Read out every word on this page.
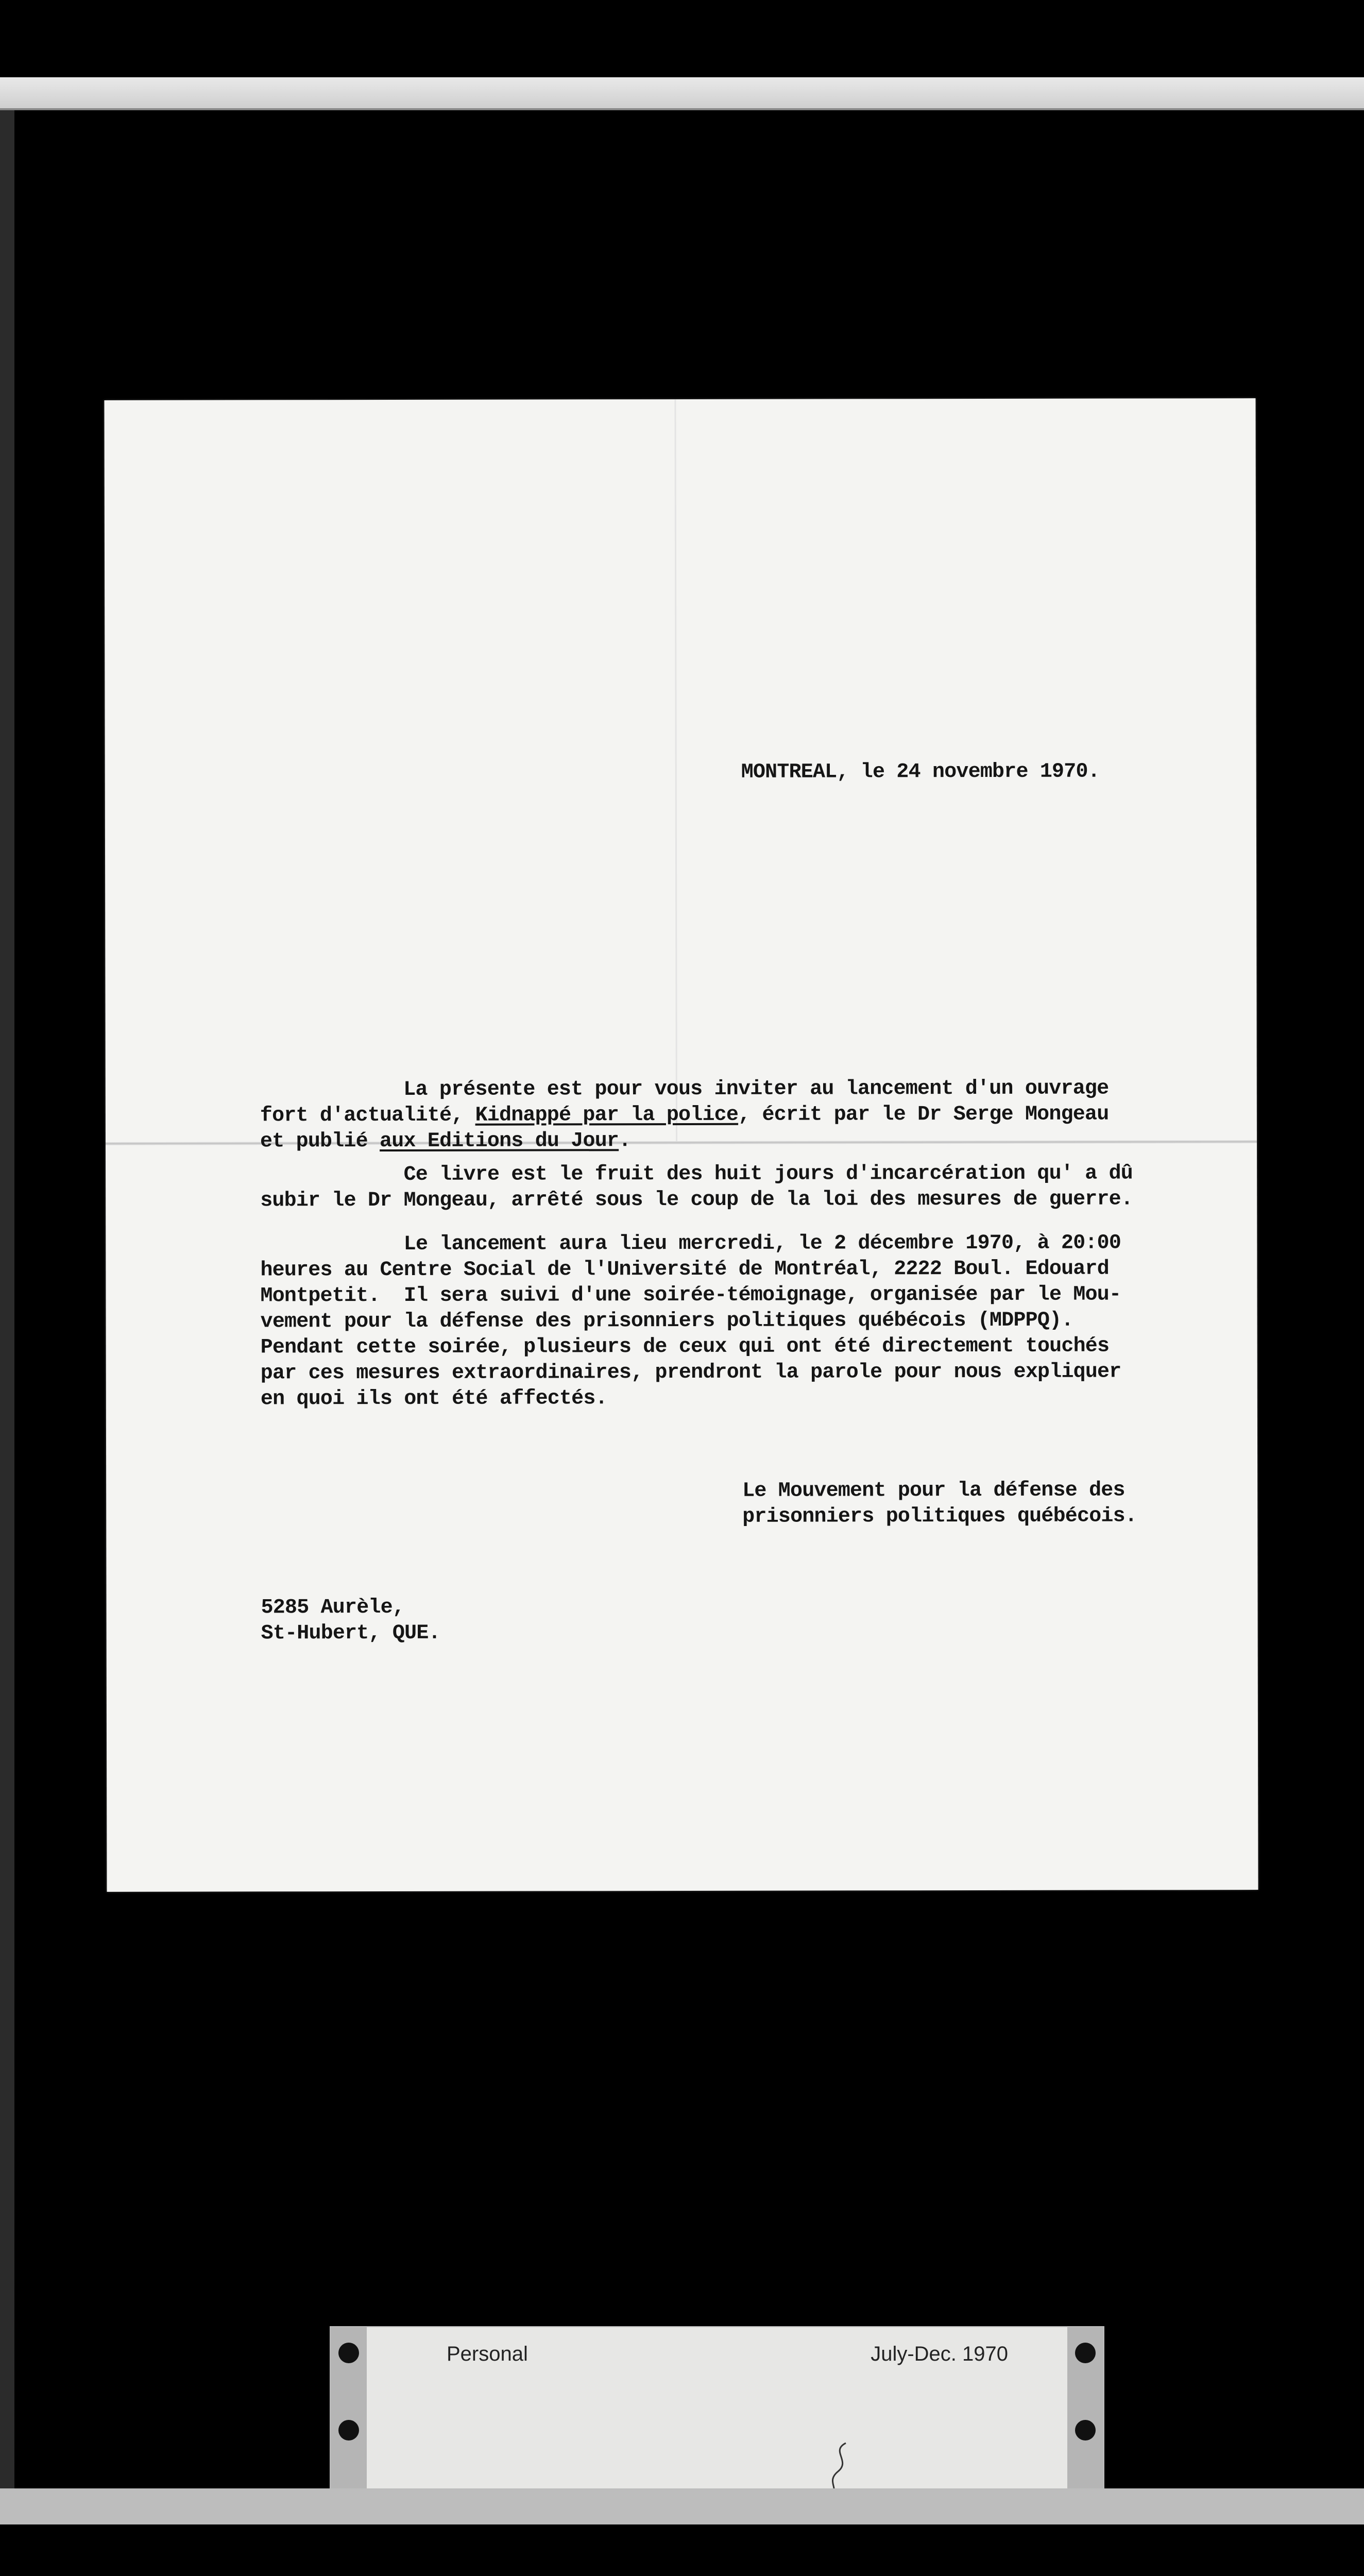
MONTREAL, le 24 novembre 1970.
La présente est pour vous inviter au lancement d'un ouvrage
fort d'actualité, Kidnappé par la police, écrit par le Dr Serge Mongeau
et publié aux Editions du Jour.
Ce livre est le fruit des huit jours d'incarcération qu' a dû
subir le Dr Mongeau, arrêté sous le coup de la loi des mesures de guerre.
Le lancement aura lieu mercredi, le 2 décembre 1970, à 20:00
heures au Centre Social de l'Université de Montréal, 2222 Boul. Edouard
Montpetit.  Il sera suivi d'une soirée-témoignage, organisée par le Mou-
vement pour la défense des prisonniers politiques québécois (MDPPQ).
Pendant cette soirée, plusieurs de ceux qui ont été directement touchés
par ces mesures extraordinaires, prendront la parole pour nous expliquer
en quoi ils ont été affectés.
Le Mouvement pour la défense des
prisonniers politiques québécois.
5285 Aurèle,
St-Hubert, QUE.
Personal	July-Dec. 1970
